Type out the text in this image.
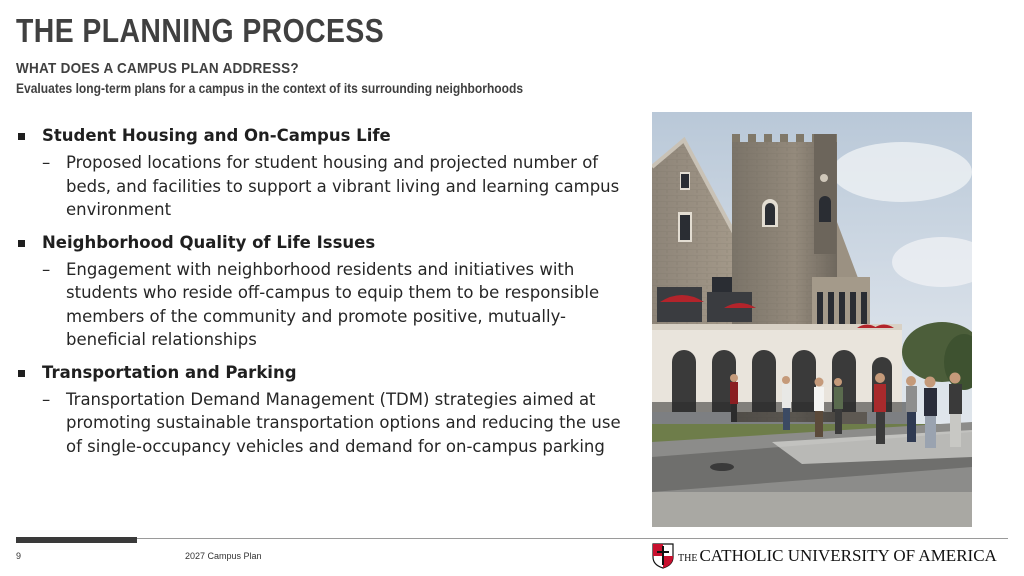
THE PLANNING PROCESS
WHAT DOES A CAMPUS PLAN ADDRESS?
Evaluates long-term plans for a campus in the context of its surrounding neighborhoods
Student Housing and On-Campus Life
– Proposed locations for student housing and projected number of beds, and facilities to support a vibrant living and learning campus environment
Neighborhood Quality of Life Issues
– Engagement with neighborhood residents and initiatives with students who reside off-campus to equip them to be responsible members of the community and promote positive, mutually-beneficial relationships
Transportation and Parking
– Transportation Demand Management (TDM) strategies aimed at promoting sustainable transportation options and reducing the use of single-occupancy vehicles and demand for on-campus parking
9	2027 Campus Plan	THE CATHOLIC UNIVERSITY OF AMERICA
